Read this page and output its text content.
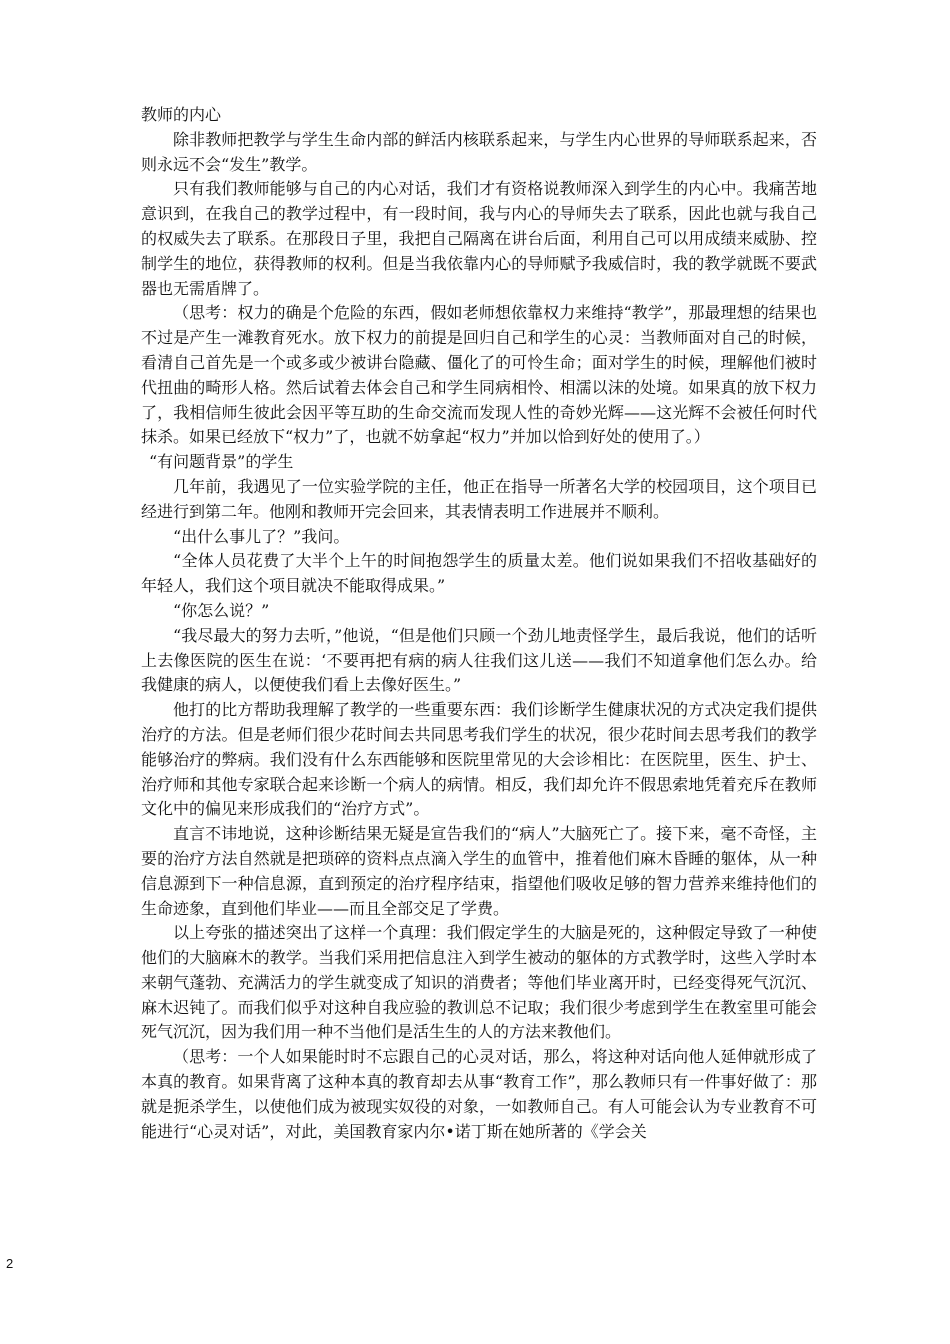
教师的内心

除非教师把教学与学生生命内部的鲜活内核联系起来，与学生内心世界的导师联系起来，否则永远不会“发生”教学。

只有我们教师能够与自己的内心对话，我们才有资格说教师深入到学生的内心中。我痛苦地意识到，在我自己的教学过程中，有一段时间，我与内心的导师失去了联系，因此也就与我自己的权威失去了联系。在那段日子里，我把自己隔离在讲台后面，利用自己可以用成绩来威胁、控制学生的地位，获得教师的权利。但是当我依靠内心的导师赋予我威信时，我的教学就既不要武器也无需盾牌了。

（思考：权力的确是个危险的东西，假如老师想依靠权力来维持“教学”，那最理想的结果也不过是产生一滩教育死水。放下权力的前提是回归自己和学生的心灵：当教师面对自己的时候，看清自己首先是一个或多或少被讲台隐藏、僵化了的可怜生命；面对学生的时候，理解他们被时代扭曲的畸形人格。然后试着去体会自己和学生同病相怜、相濡以沫的处境。如果真的放下权力了，我相信师生彼此会因平等互助的生命交流而发现人性的奇妙光辉——这光辉不会被任何时代抹杀。如果已经放下“权力”了，也就不妨拿起“权力”并加以恰到好处的使用了。）

“有问题背景”的学生

几年前，我遇见了一位实验学院的主任，他正在指导一所著名大学的校园项目，这个项目已经进行到第二年。他刚和教师开完会回来，其表情表明工作进展并不顺利。

“出什么事儿了？”我问。

“全体人员花费了大半个上午的时间抱怨学生的质量太差。他们说如果我们不招收基础好的年轻人，我们这个项目就决不能取得成果。”

“你怎么说？”

“我尽最大的努力去听，”他说，“但是他们只顾一个劲儿地责怪学生，最后我说，他们的话听上去像医院的医生在说：‘不要再把有病的病人往我们这儿送——我们不知道拿他们怎么办。给我健康的病人，以便使我们看上去像好医生。”

他打的比方帮助我理解了教学的一些重要东西：我们诊断学生健康状况的方式决定我们提供治疗的方法。但是老师们很少花时间去共同思考我们学生的状况，很少花时间去思考我们的教学能够治疗的弊病。我们没有什么东西能够和医院里常见的大会诊相比：在医院里，医生、护士、治疗师和其他专家联合起来诊断一个病人的病情。相反，我们却允许不假思索地凭着充斥在教师文化中的偏见来形成我们的“治疗方式”。

直言不讳地说，这种诊断结果无疑是宣告我们的“病人”大脑死亡了。接下来，毫不奇怪，主要的治疗方法自然就是把琐碎的资料点点滴入学生的血管中，推着他们麻木昏睡的躯体，从一种信息源到下一种信息源，直到预定的治疗程序结束，指望他们吸收足够的智力营养来维持他们的生命迹象，直到他们毕业——而且全部交足了学费。

以上夸张的描述突出了这样一个真理：我们假定学生的大脑是死的，这种假定导致了一种使他们的大脑麻木的教学。当我们采用把信息注入到学生被动的躯体的方式教学时，这些入学时本来朝气蓬勃、充满活力的学生就变成了知识的消费者；等他们毕业离开时，已经变得死气沉沉、麻木迟钝了。而我们似乎对这种自我应验的教训总不记取；我们很少考虑到学生在教室里可能会死气沉沉，因为我们用一种不当他们是活生生的人的方法来教他们。

（思考：一个人如果能时时不忘跟自己的心灵对话，那么，将这种对话向他人延伸就形成了本真的教育。如果背离了这种本真的教育却去从事“教育工作”，那么教师只有一件事好做了：那就是扼杀学生，以使他们成为被现实奴役的对象，一如教师自己。有人可能会认为专业教育不可能进行“心灵对话”，对此，美国教育家内尔•诺丁斯在她所著的《学会关

2
